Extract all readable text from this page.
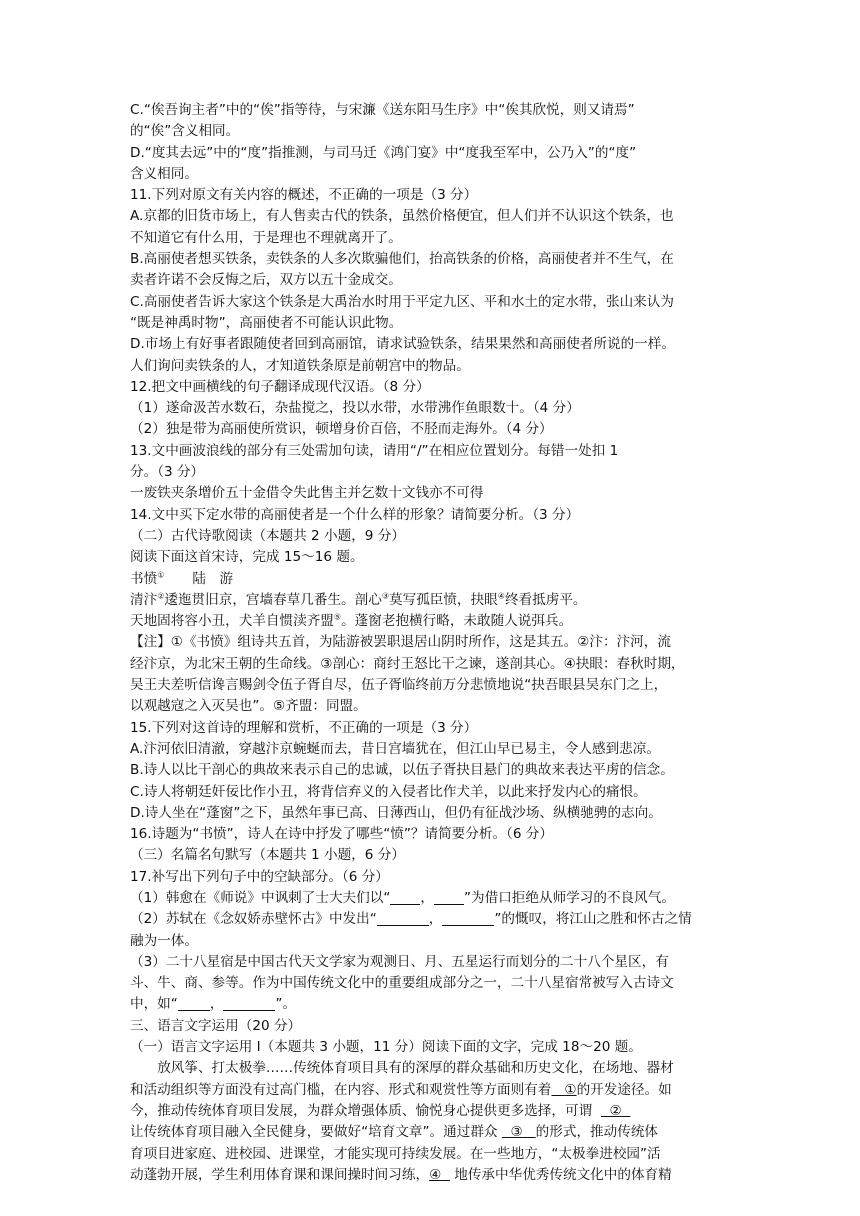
C.“俟吾询主者”中的“俟”指等待，与宋濂《送东阳马生序》中“俟其欣悦，则又请焉”
的“俟”含义相同。
D.“度其去远”中的“度”指推测，与司马迁《鸿门宴》中“度我至军中，公乃入”的“度”
含义相同。
11.下列对原文有关内容的概述，不正确的一项是（3 分）
A.京都的旧货市场上，有人售卖古代的铁条，虽然价格便宜，但人们并不认识这个铁条，也
不知道它有什么用，于是理也不理就离开了。
B.高丽使者想买铁条，卖铁条的人多次欺骗他们，抬高铁条的价格，高丽使者并不生气，在
卖者许诺不会反悔之后，双方以五十金成交。
C.高丽使者告诉大家这个铁条是大禹治水时用于平定九区、平和水土的定水带，张山来认为
“既是神禹时物”，高丽使者不可能认识此物。
D.市场上有好事者跟随使者回到高丽馆，请求试验铁条，结果果然和高丽使者所说的一样。
人们询问卖铁条的人，才知道铁条原是前朝宫中的物品。
12.把文中画横线的句子翻译成现代汉语。（8 分）
（1）遂命汲苦水数石，杂盐搅之，投以水带，水带沸作鱼眼数十。（4 分）
（2）独是带为高丽使所赏识，顿增身价百倍，不胫而走海外。（4 分）
13.文中画波浪线的部分有三处需加句读，请用“/”在相应位置划分。每错一处扣 1
分。（3 分）
一废铁夹条增价五十金借令失此售主并乞数十文钱亦不可得
14.文中买下定水带的高丽使者是一个什么样的形象？请简要分析。（3 分）
（二）古代诗歌阅读（本题共 2 小题，9 分）
阅读下面这首宋诗，完成 15～16 题。
书愤① 陆　游
清汴②逶迤贯旧京，宫墙春草几番生。剖心③莫写孤臣愤，抉眼④终看抵虏平。
天地固将容小丑，犬羊自惯渎齐盟⑤。蓬窗老抱横行略，未敢随人说弭兵。
【注】①《书愤》组诗共五首，为陆游被罢职退居山阴时所作，这是其五。②汴：汴河，流
经汴京，为北宋王朝的生命线。③剖心：商纣王怒比干之谏，遂剖其心。④抉眼：春秋时期，
吴王夫差听信谗言赐剑令伍子胥自尽，伍子胥临终前万分悲愤地说“抉吾眼县吴东门之上，
以观越寇之入灭吴也”。⑤齐盟：同盟。
15.下列对这首诗的理解和赏析，不正确的一项是（3 分）
A.汴河依旧清澈，穿越汴京蜿蜒而去，昔日宫墙犹在，但江山早已易主，令人感到悲凉。
B.诗人以比干剖心的典故来表示自己的忠诚，以伍子胥抉目悬门的典故来表达平虏的信念。
C.诗人将朝廷奸佞比作小丑，将背信弃义的入侵者比作犬羊，以此来抒发内心的痛恨。
D.诗人坐在“蓬窗”之下，虽然年事已高、日薄西山，但仍有征战沙场、纵横驰骋的志向。
16.诗题为“书愤”，诗人在诗中抒发了哪些“愤”？请简要分析。（6 分）
（三）名篇名句默写（本题共 1 小题，6 分）
17.补写出下列句子中的空缺部分。（6 分）
（1）韩愈在《师说》中讽刺了士大夫们以“ ， ”为借口拒绝从师学习的不良风气。
（2）苏轼在《念奴娇赤壁怀古》中发出“	，	”的慨叹，将江山之胜和怀古之情
融为一体。
（3）二十八星宿是中国古代天文学家为观测日、月、五星运行而划分的二十八个星区，有
斗、牛、商、参等。作为中国传统文化中的重要组成部分之一，二十八星宿常被写入古诗文
中，如“ ，	”。
三、语言文字运用（20 分）
（一）语言文字运用 I（本题共 3 小题，11 分）阅读下面的文字，完成 18～20 题。
放风筝、打太极拳……传统体育项目具有的深厚的群众基础和历史文化，在场地、器材
和活动组织等方面没有过高门槛，在内容、形式和观赏性等方面则有着 ①的开发途径。如
今，推动传统体育项目发展，为群众增强体质、愉悦身心提供更多选择，可谓 ②
让传统体育项目融入全民健身，要做好“培育文章”。通过群众 ③ 的形式，推动传统体
育项目进家庭、进校园、进课堂，才能实现可持续发展。在一些地方，“太极拳进校园”活
动蓬勃开展，学生利用体育课和课间操时间习练，④ 地传承中华优秀传统文化中的体育精
